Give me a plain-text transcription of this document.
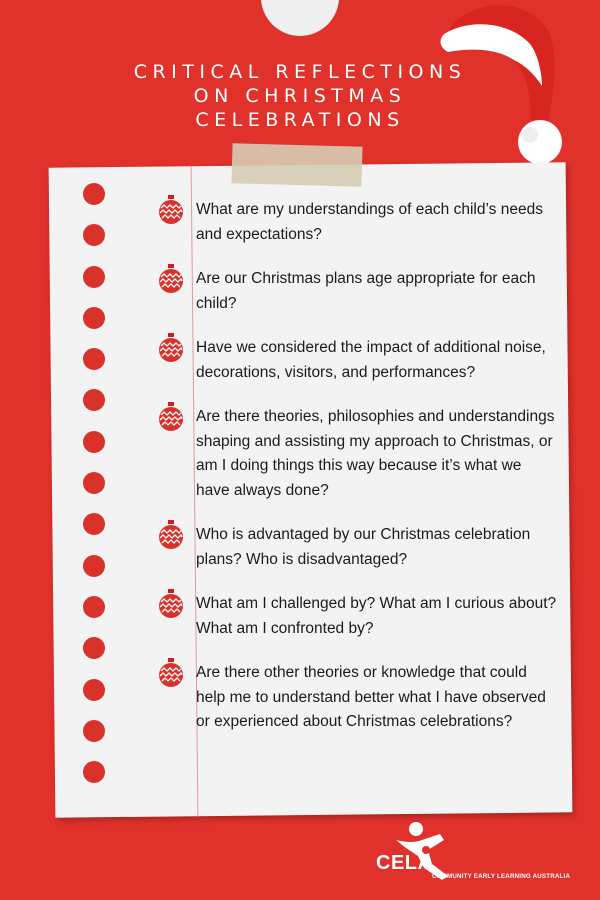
CRITICAL REFLECTIONS
ON CHRISTMAS
CELEBRATIONS
What are my understandings of each child’s needs and expectations?
Are our Christmas plans age appropriate for each child?
Have we considered the impact of additional noise, decorations, visitors, and performances?
Are there theories, philosophies and understandings shaping and assisting my approach to Christmas, or am I doing things this way because it’s what we have always done?
Who is advantaged by our Christmas celebration plans? Who is disadvantaged?
What am I challenged by? What am I curious about? What am I confronted by?
Are there other theories or knowledge that could help me to understand better what I have observed or experienced about Christmas celebrations?
CELA
COMMUNITY EARLY LEARNING AUSTRALIA
